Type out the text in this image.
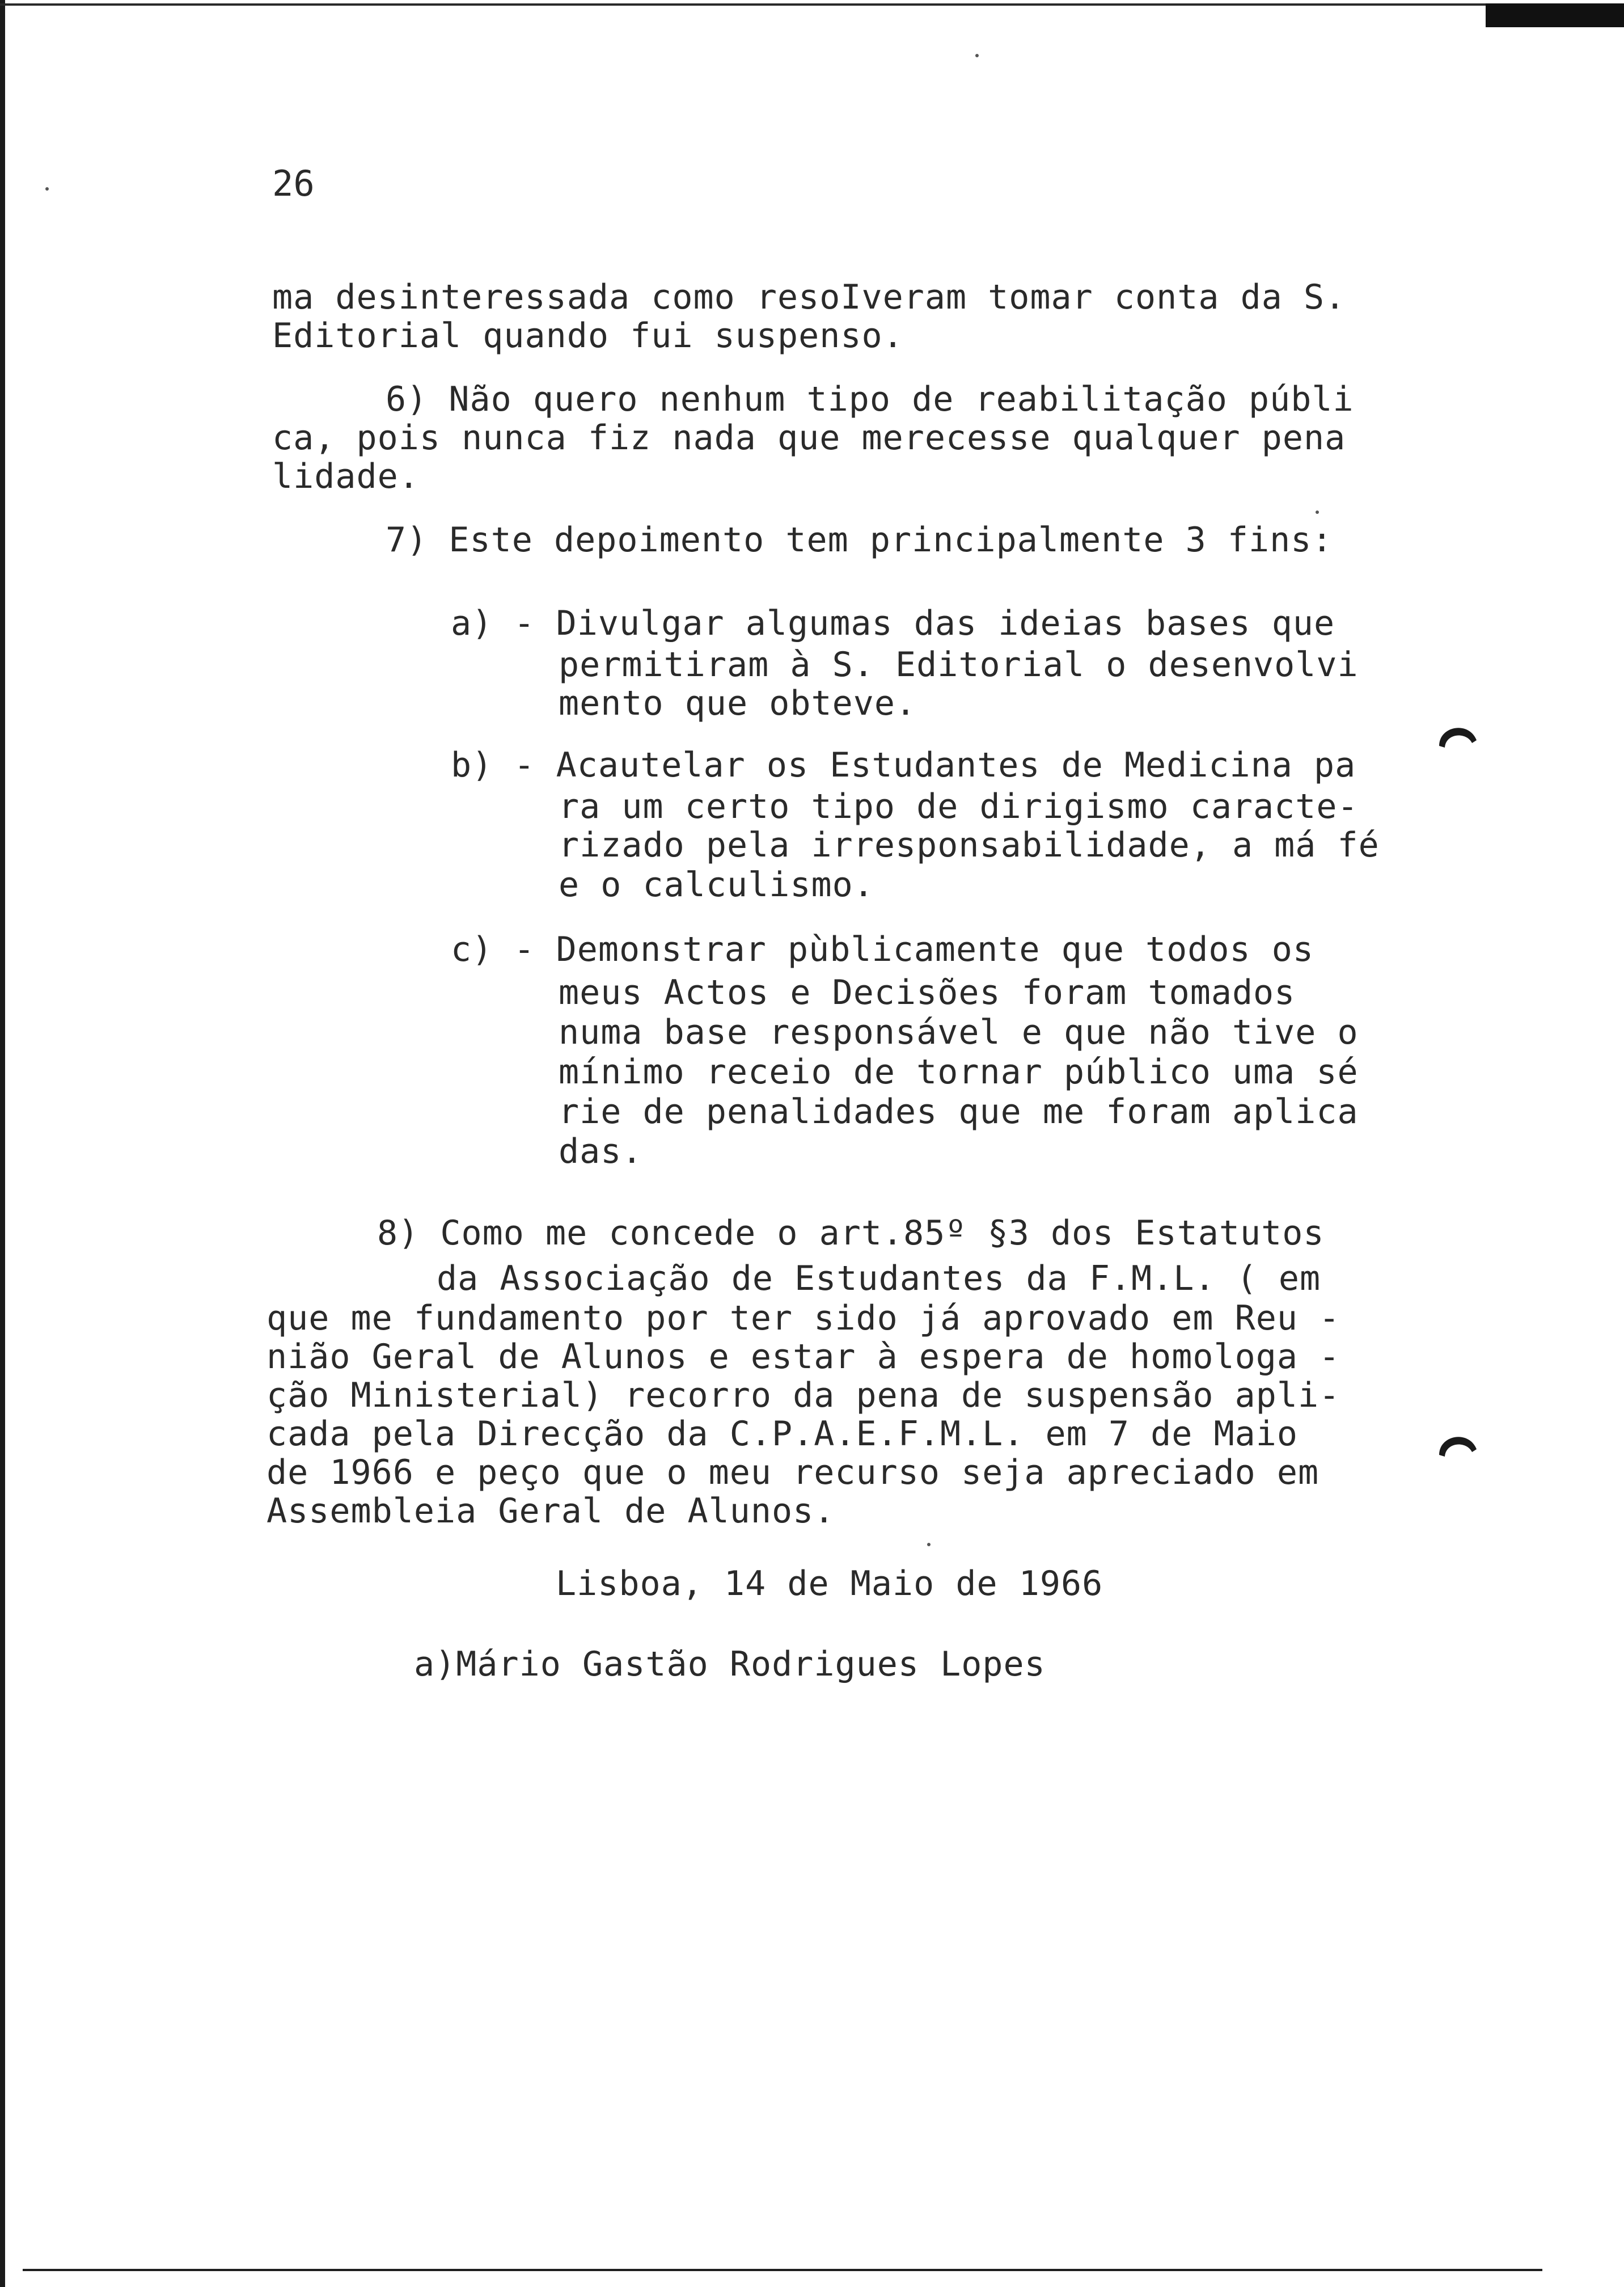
26

ma desinteressada como resoIveram tomar conta da S.

Editorial quando fui suspenso.

6) Não quero nenhum tipo de reabilitação públi

ca, pois nunca fiz nada que merecesse qualquer pena

lidade.

7) Este depoimento tem principalmente 3 fins:

a) - Divulgar algumas das ideias bases que

permitiram à S. Editorial o desenvolvi

mento que obteve.

b) - Acautelar os Estudantes de Medicina pa

ra um certo tipo de dirigismo caracte-

rizado pela irresponsabilidade, a má fé

e o calculismo.

c) - Demonstrar pùblicamente que todos os

meus Actos e Decisões foram tomados

numa base responsável e que não tive o

mínimo receio de tornar público uma sé

rie de penalidades que me foram aplica

das.

8) Como me concede o art.85º §3 dos Estatutos

da Associação de Estudantes da F.M.L. ( em

que me fundamento por ter sido já aprovado em Reu -

nião Geral de Alunos e estar à espera de homologa -

ção Ministerial) recorro da pena de suspensão apli-

cada pela Direcção da C.P.A.E.F.M.L. em 7 de Maio

de 1966 e peço que o meu recurso seja apreciado em

Assembleia Geral de Alunos.

Lisboa, 14 de Maio de 1966

a)Mário Gastão Rodrigues Lopes
